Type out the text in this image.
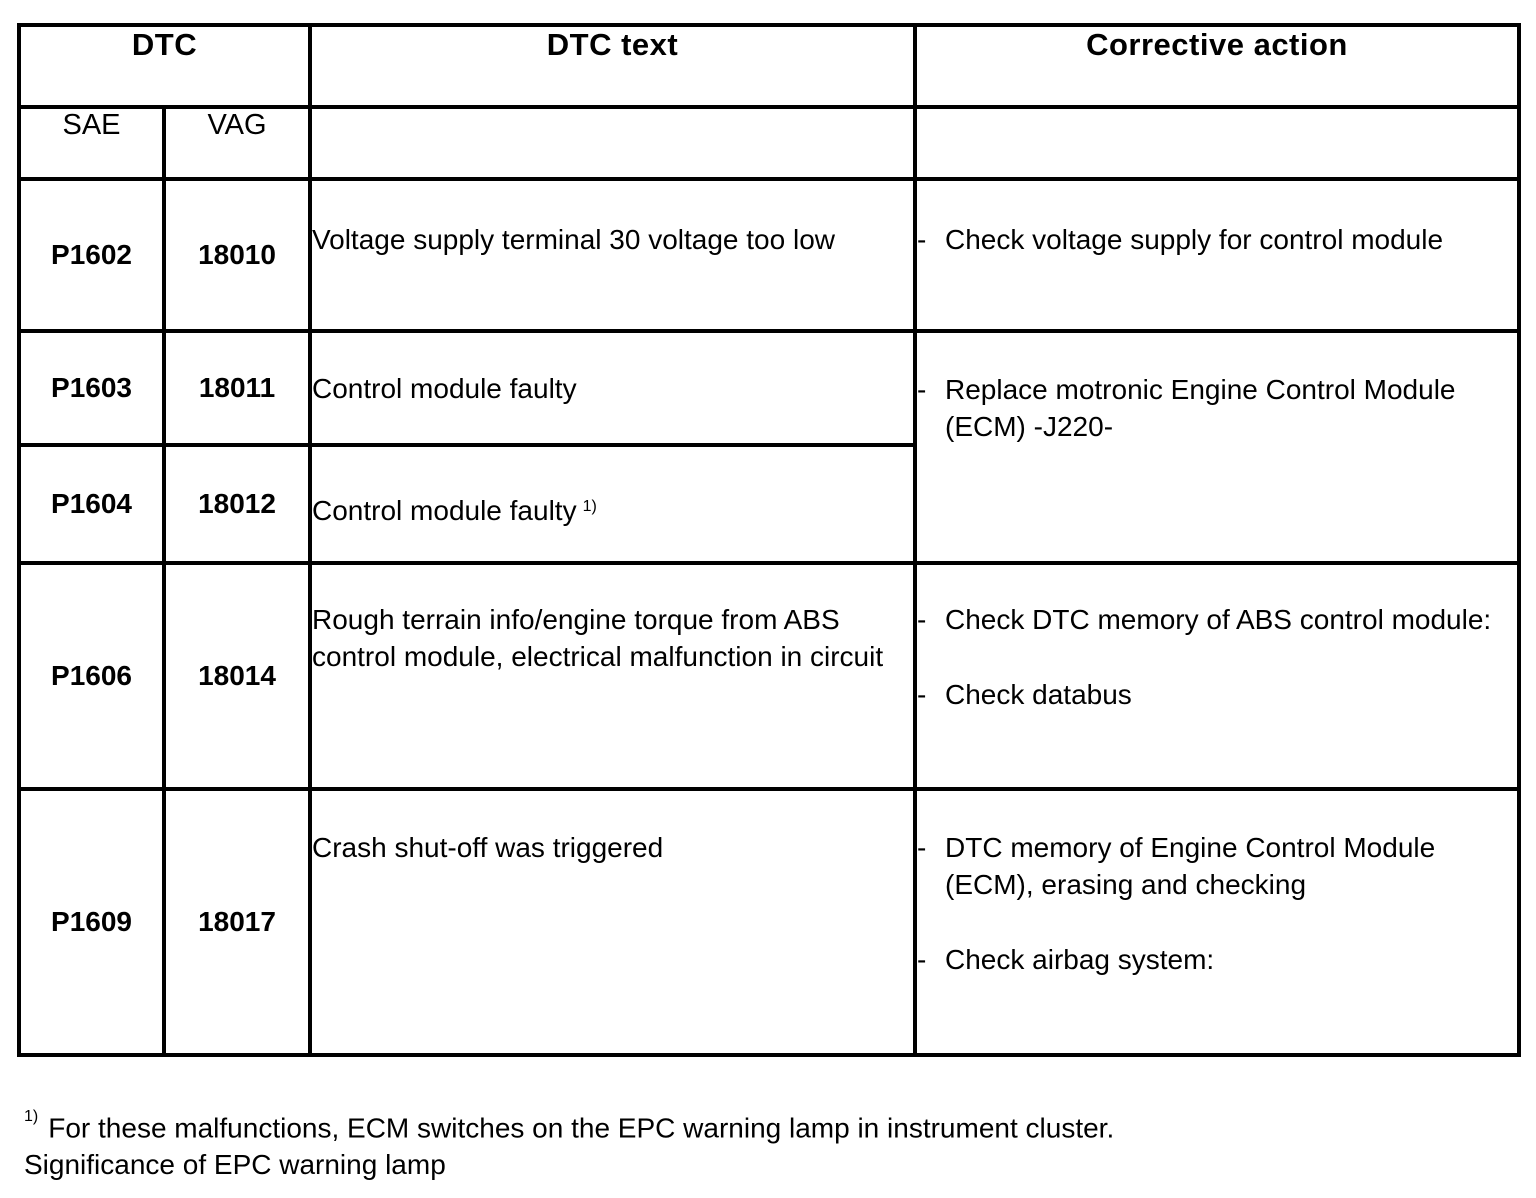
DTC		DTC text	Corrective action
SAE	VAG		
P1602	18010	Voltage supply terminal 30 voltage too low	- Check voltage supply for control module

P1603	18011	Control module faulty	- Replace motronic Engine Control Module (ECM) -J220-

P1604	18012	Control module faulty $^{1)}$
P1606	18014	Rough terrain info/engine torque from ABS control module, electrical malfunction in circuit	- Check DTC memory of ABS control module:
- Check databus

P1609	18017	Crash shut-off was triggered	- DTC memory of Engine Control Module (ECM), erasing and checking
- Check airbag system:
$^{1)}$ For these malfunctions, ECM switches on the EPC warning lamp in instrument cluster.
Significance of EPC warning lamp
